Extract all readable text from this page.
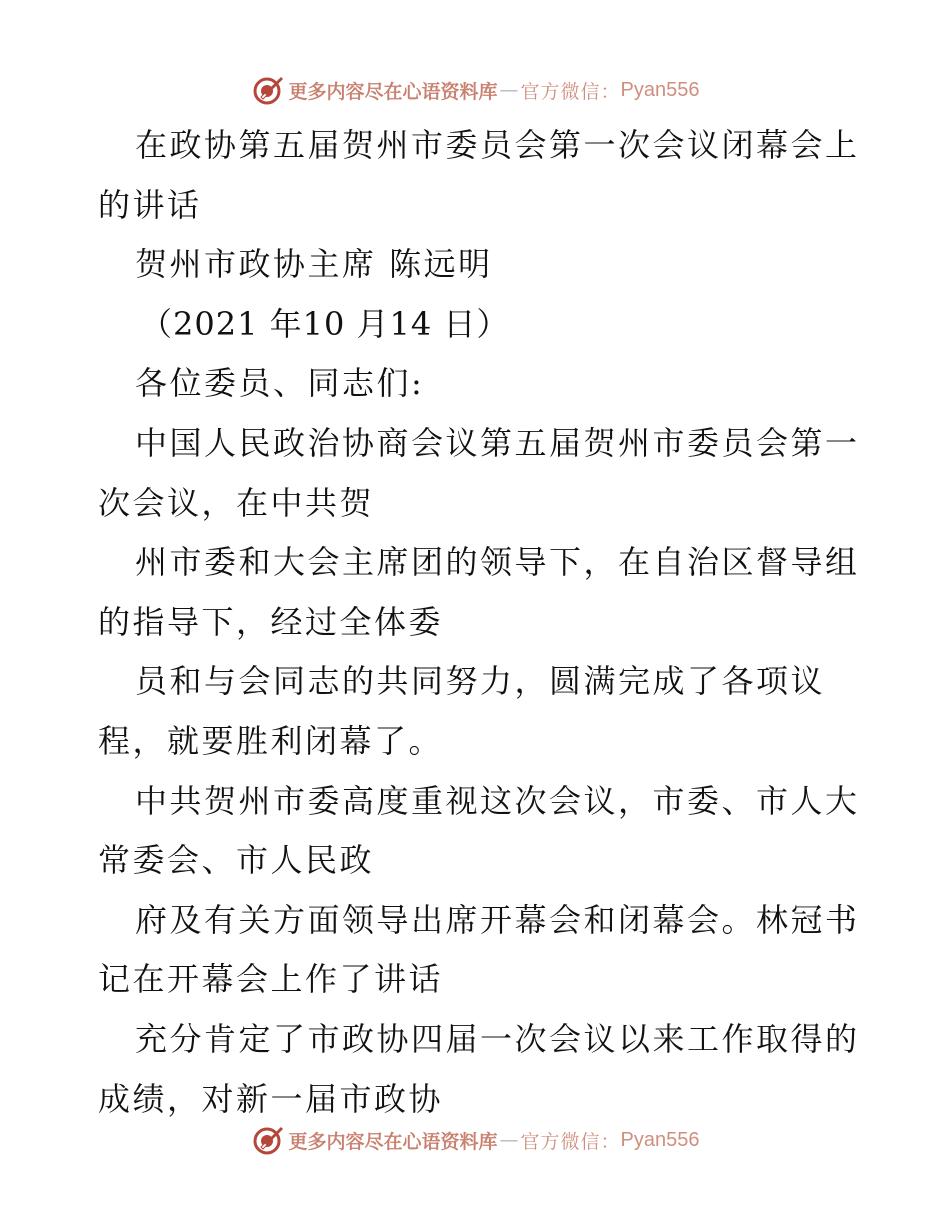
更多内容尽在心语资料库 — 官方微信： Pyan556
在政协第五届贺州市委员会第一次会议闭幕会上
的讲话
贺州市政协主席 陈远明
（2021 年10 月14 日）
各位委员、同志们:
中国人民政治协商会议第五届贺州市委员会第一
次会议，在中共贺
州市委和大会主席团的领导下，在自治区督导组
的指导下，经过全体委
员和与会同志的共同努力，圆满完成了各项议
程，就要胜利闭幕了。
中共贺州市委高度重视这次会议，市委、市人大
常委会、市人民政
府及有关方面领导出席开幕会和闭幕会。林冠书
记在开幕会上作了讲话
充分肯定了市政协四届一次会议以来工作取得的
成绩，对新一届市政协
更多内容尽在心语资料库 — 官方微信： Pyan556
